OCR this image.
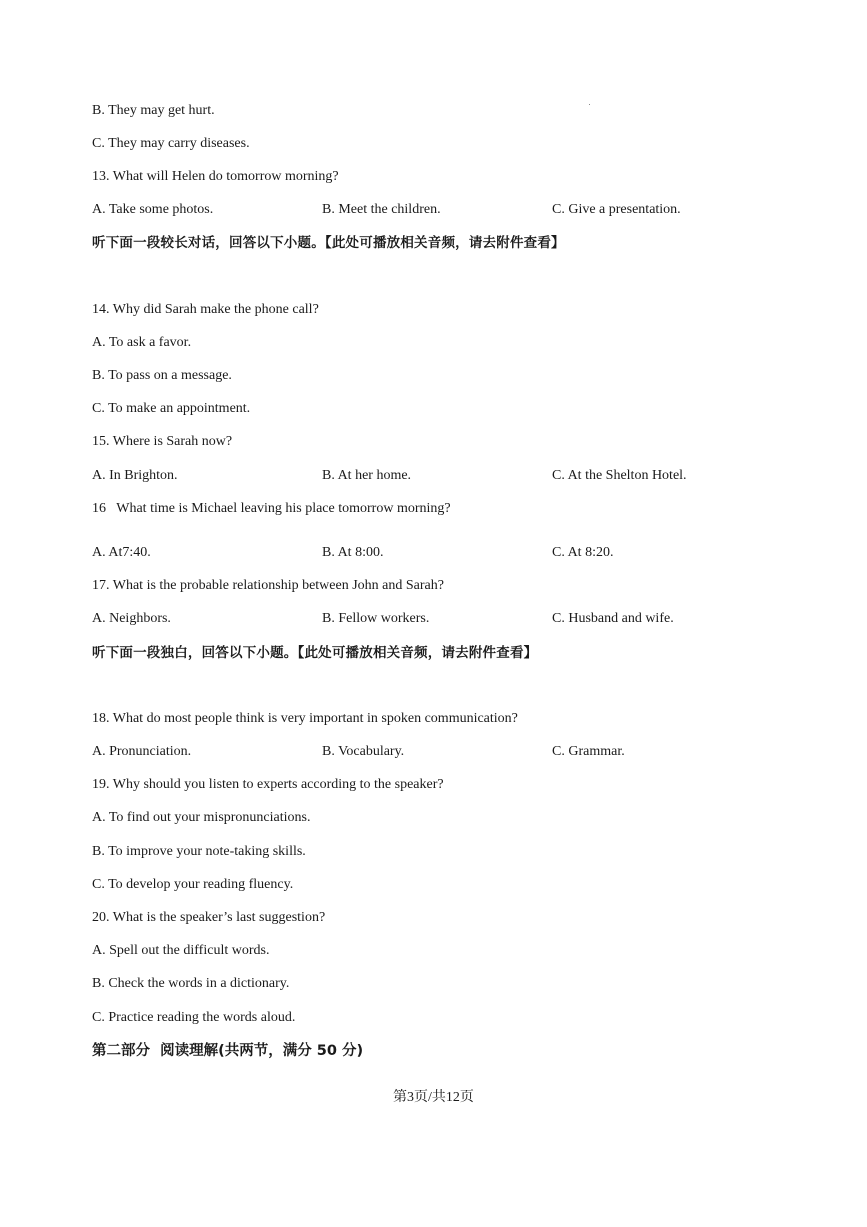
B. They may get hurt.
C. They may carry diseases.
13. What will Helen do tomorrow morning?
A. Take some photos.	B. Meet the children.	C. Give a presentation.
听下面一段较长对话，回答以下小题。【此处可播放相关音频，请去附件查看】
14. Why did Sarah make the phone call?
A. To ask a favor.
B. To pass on a message.
C. To make an appointment.
15. Where is Sarah now?
A. In Brighton.	B. At her home.	C. At the Shelton Hotel.
16   What time is Michael leaving his place tomorrow morning?
A. At7:40.	B. At 8:00.	C. At 8:20.
17. What is the probable relationship between John and Sarah?
A. Neighbors.	B. Fellow workers.	C. Husband and wife.
听下面一段独白，回答以下小题。【此处可播放相关音频，请去附件查看】
18. What do most people think is very important in spoken communication?
A. Pronunciation.	B. Vocabulary.	C. Grammar.
19. Why should you listen to experts according to the speaker?
A. To find out your mispronunciations.
B. To improve your note-taking skills.
C. To develop your reading fluency.
20. What is the speaker’s last suggestion?
A. Spell out the difficult words.
B. Check the words in a dictionary.
C. Practice reading the words aloud.
第二部分  阅读理解(共两节，满分 50 分)
第3页/共12页
